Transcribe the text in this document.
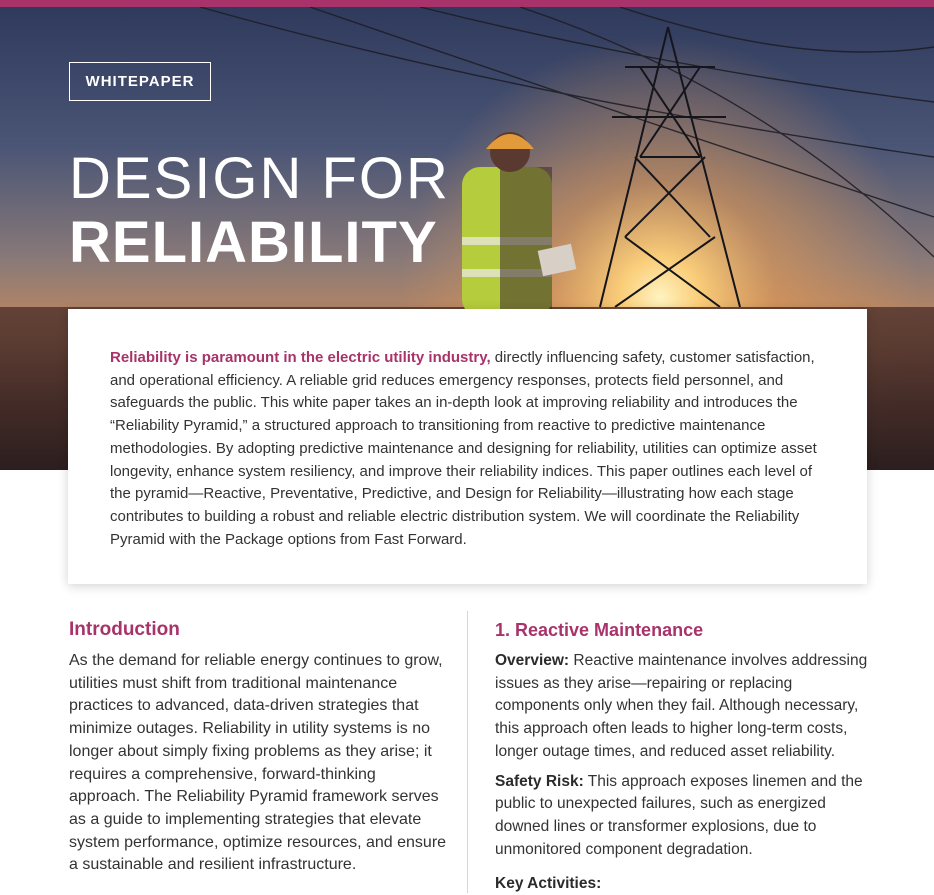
WHITEPAPER
DESIGN FOR
RELIABILITY

Reliability is paramount in the electric utility industry, directly influencing safety, customer satisfaction, and operational efficiency. A reliable grid reduces emergency responses, protects field personnel, and safeguards the public. This white paper takes an in-depth look at improving reliability and introduces the “Reliability Pyramid,” a structured approach to transitioning from reactive to predictive maintenance methodologies. By adopting predictive maintenance and designing for reliability, utilities can optimize asset longevity, enhance system resiliency, and improve their reliability indices. This paper outlines each level of the pyramid—Reactive, Preventative, Predictive, and Design for Reliability—illustrating how each stage contributes to building a robust and reliable electric distribution system. We will coordinate the Reliability Pyramid with the Package options from Fast Forward.

Introduction

As the demand for reliable energy continues to grow, utilities must shift from traditional maintenance practices to advanced, data-driven strategies that minimize outages. Reliability in utility systems is no longer about simply fixing problems as they arise; it requires a comprehensive, forward-thinking approach. The Reliability Pyramid framework serves as a guide to implementing strategies that elevate system performance, optimize resources, and ensure a sustainable and resilient infrastructure.

1. Reactive Maintenance

Overview: Reactive maintenance involves addressing issues as they arise—repairing or replacing components only when they fail. Although necessary, this approach often leads to higher long-term costs, longer outage times, and reduced asset reliability.

Safety Risk: This approach exposes linemen and the public to unexpected failures, such as energized downed lines or transformer explosions, due to unmonitored component degradation.

Key Activities:
